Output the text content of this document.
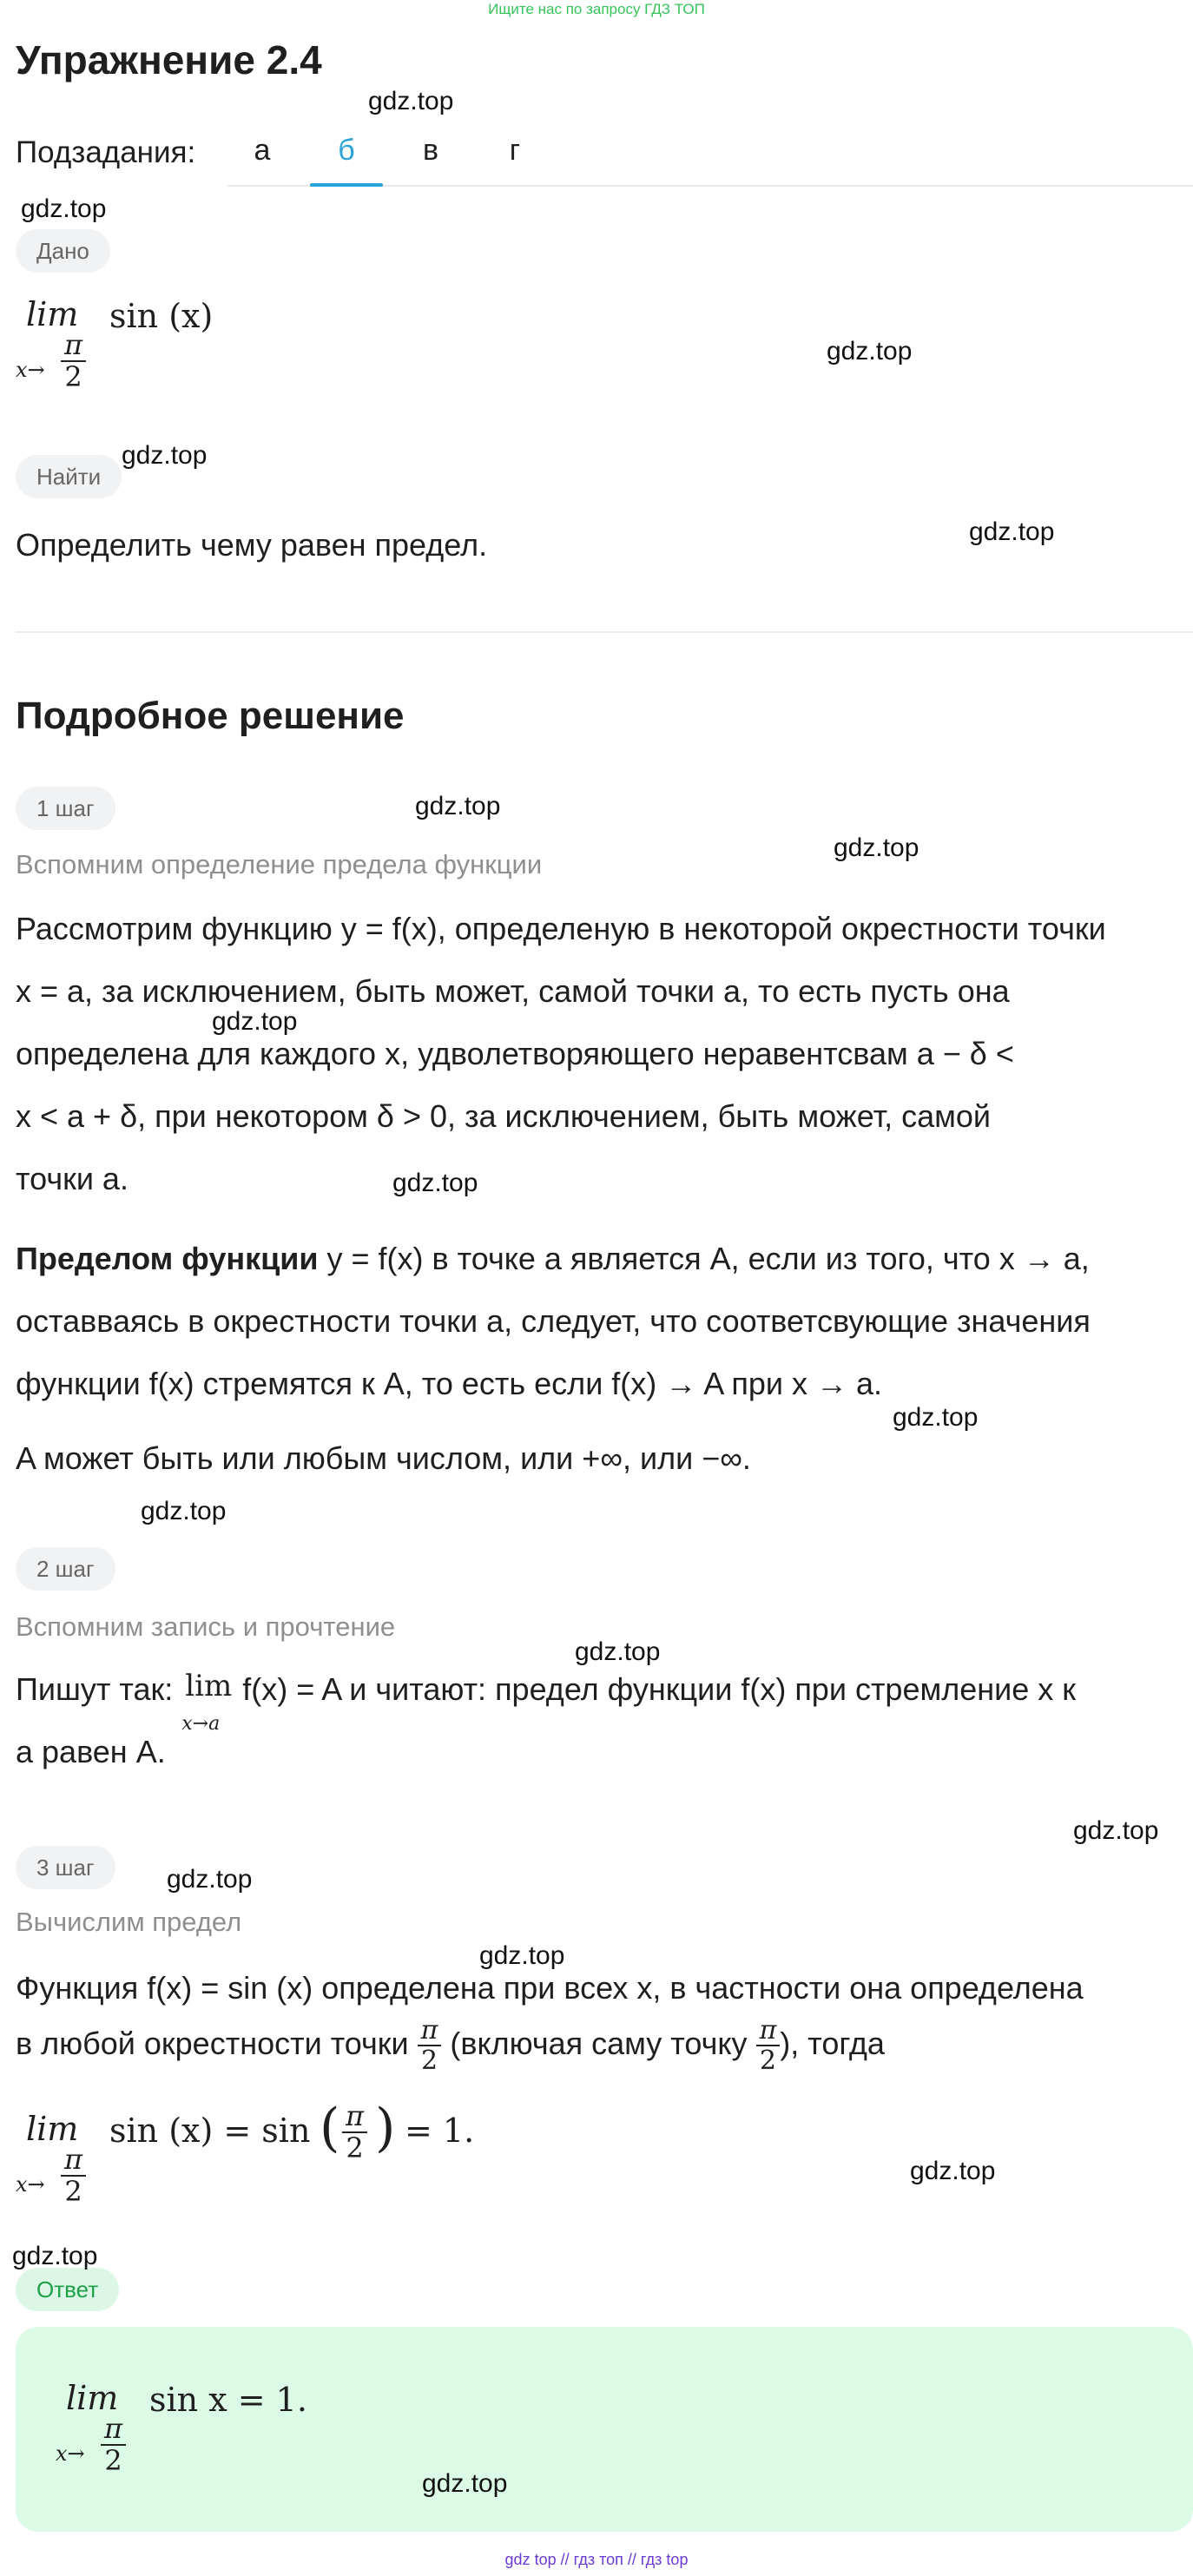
Ищите нас по запросу ГДЗ ТОП
Упражнение 2.4
Подзадания:	а	б	в	г
Дано
lim
$x\to \frac{\pi}{2}$
sin (x)
Найти
Определить чему равен предел.
Подробное решение
1 шаг
Вспомним определение предела функции
Рассмотрим функцию y = f(x), определеную в некоторой окрестности точки
x = a, за исключением, быть может, самой точки a, то есть пусть она
определена для каждого x, удволетворяющего неравентсвам a − δ <
x < a + δ, при некотором δ > 0, за исключением, быть может, самой
точки a.
Пределом функции y = f(x) в точке a является A, если из того, что x → a,
оставваясь в окрестности точки a, следует, что соответсвующие значения
функции f(x) стремятся к A, то есть если f(x) → A при x → a.
A может быть или любым числом, или +∞, или −∞.
2 шаг
Вспомним запись и прочтение
Пишут так: lim
x→a
f(x) = A и читают: предел функции f(x) при стремление x к
a равен A.
3 шаг
Вычислим предел
Функция f(x) = sin (x) определена при всех x, в частности она определена
в любой окрестности точки $\frac{\pi}{2}$ (включая саму точку $\frac{\pi}{2}$ ), тогда
lim
$x\to \frac{\pi}{2}$
sin (x) = sin ( $\frac{\pi}{2}$ ) = 1.
Ответ
lim
$x\to \frac{\pi}{2}$
sin x = 1.
gdz.top
gdz.top
gdz.top
gdz.top
gdz.top
gdz.top
gdz.top
gdz.top
gdz.top
gdz.top
gdz.top
gdz.top
gdz.top
gdz.top
gdz.top
gdz.top
gdz.top
gdz.top
gdz top // гдз топ // гдз top
